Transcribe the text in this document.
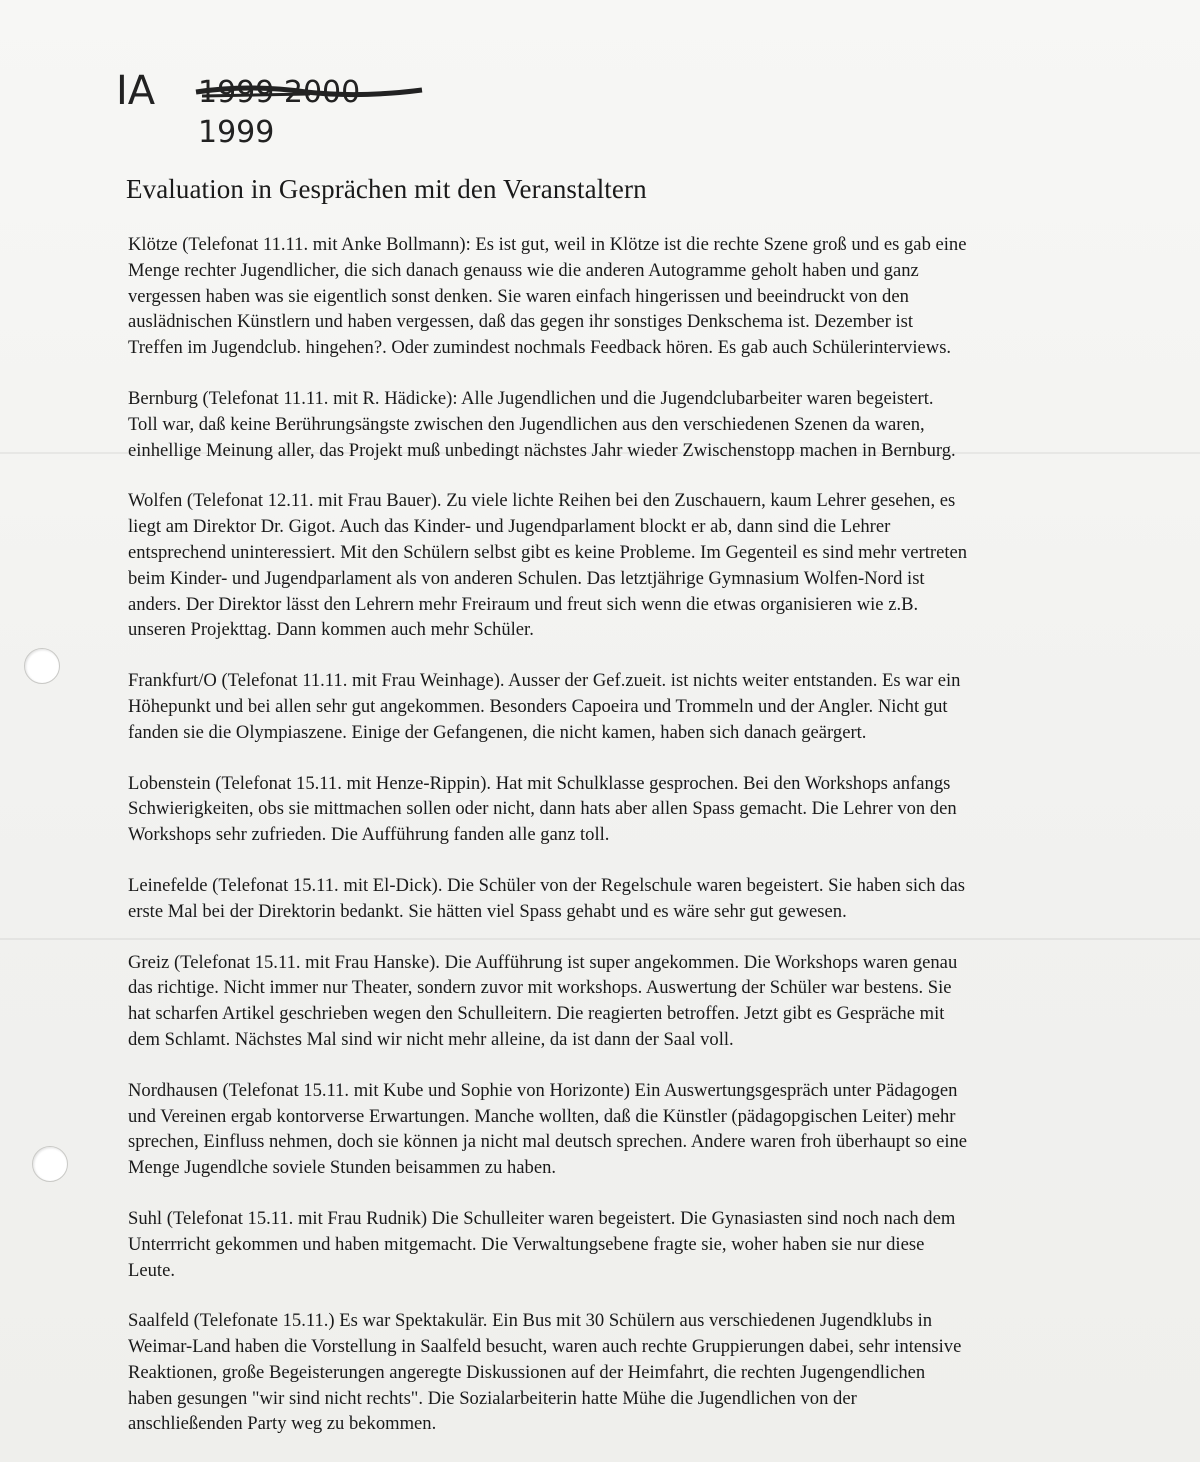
IA 1999 2000
1999
Evaluation in Gesprächen mit den Veranstaltern

Klötze (Telefonat 11.11. mit Anke Bollmann): Es ist gut, weil in Klötze ist die rechte Szene groß und es gab eine
Menge rechter Jugendlicher, die sich danach genauss wie die anderen Autogramme geholt haben und ganz
vergessen haben was sie eigentlich sonst denken. Sie waren einfach hingerissen und beeindruckt von den
auslädnischen Künstlern und haben vergessen, daß das gegen ihr sonstiges Denkschema ist. Dezember ist
Treffen im Jugendclub. hingehen?. Oder zumindest nochmals Feedback hören. Es gab auch Schülerinterviews.

Bernburg (Telefonat 11.11. mit R. Hädicke): Alle Jugendlichen und die Jugendclubarbeiter waren begeistert.
Toll war, daß keine Berührungsängste zwischen den Jugendlichen aus den verschiedenen Szenen da waren,
einhellige Meinung aller, das Projekt muß unbedingt nächstes Jahr wieder Zwischenstopp machen in Bernburg.

Wolfen (Telefonat 12.11. mit Frau Bauer). Zu viele lichte Reihen bei den Zuschauern, kaum Lehrer gesehen, es
liegt am Direktor Dr. Gigot. Auch das Kinder- und Jugendparlament blockt er ab, dann sind die Lehrer
entsprechend uninteressiert. Mit den Schülern selbst gibt es keine Probleme. Im Gegenteil es sind mehr vertreten
beim Kinder- und Jugendparlament als von anderen Schulen. Das letztjährige Gymnasium Wolfen-Nord ist
anders. Der Direktor lässt den Lehrern mehr Freiraum und freut sich wenn die etwas organisieren wie z.B.
unseren Projekttag. Dann kommen auch mehr Schüler.

Frankfurt/O (Telefonat 11.11. mit Frau Weinhage). Ausser der Gef.zueit. ist nichts weiter entstanden. Es war ein
Höhepunkt und bei allen sehr gut angekommen. Besonders Capoeira und Trommeln und der Angler. Nicht gut
fanden sie die Olympiaszene. Einige der Gefangenen, die nicht kamen, haben sich danach geärgert.

Lobenstein (Telefonat 15.11. mit Henze-Rippin). Hat mit Schulklasse gesprochen. Bei den Workshops anfangs
Schwierigkeiten, obs sie mittmachen sollen oder nicht, dann hats aber allen Spass gemacht. Die Lehrer von den
Workshops sehr zufrieden. Die Aufführung fanden alle ganz toll.

Leinefelde (Telefonat 15.11. mit El-Dick). Die Schüler von der Regelschule waren begeistert. Sie haben sich das
erste Mal bei der Direktorin bedankt. Sie hätten viel Spass gehabt und es wäre sehr gut gewesen.

Greiz (Telefonat 15.11. mit Frau Hanske). Die Aufführung ist super angekommen. Die Workshops waren genau
das richtige. Nicht immer nur Theater, sondern zuvor mit workshops. Auswertung der Schüler war bestens. Sie
hat scharfen Artikel geschrieben wegen den Schulleitern. Die reagierten betroffen. Jetzt gibt es Gespräche mit
dem Schlamt. Nächstes Mal sind wir nicht mehr alleine, da ist dann der Saal voll.

Nordhausen (Telefonat 15.11. mit Kube und Sophie von Horizonte) Ein Auswertungsgespräch unter Pädagogen
und Vereinen ergab kontorverse Erwartungen. Manche wollten, daß die Künstler (pädagopgischen Leiter) mehr
sprechen, Einfluss nehmen, doch sie können ja nicht mal deutsch sprechen. Andere waren froh überhaupt so eine
Menge Jugendlche soviele Stunden beisammen zu haben.

Suhl (Telefonat 15.11. mit Frau Rudnik) Die Schulleiter waren begeistert. Die Gynasiasten sind noch nach dem
Unterrricht gekommen und haben mitgemacht. Die Verwaltungsebene fragte sie, woher haben sie nur diese
Leute.

Saalfeld (Telefonate 15.11.) Es war Spektakulär. Ein Bus mit 30 Schülern aus verschiedenen Jugendklubs in
Weimar-Land haben die Vorstellung in Saalfeld besucht, waren auch rechte Gruppierungen dabei, sehr intensive
Reaktionen, große Begeisterungen angeregte Diskussionen auf der Heimfahrt, die rechten Jugengendlichen
haben gesungen "wir sind nicht rechts". Die Sozialarbeiterin hatte Mühe die Jugendlichen von der
anschließenden Party weg zu bekommen.
